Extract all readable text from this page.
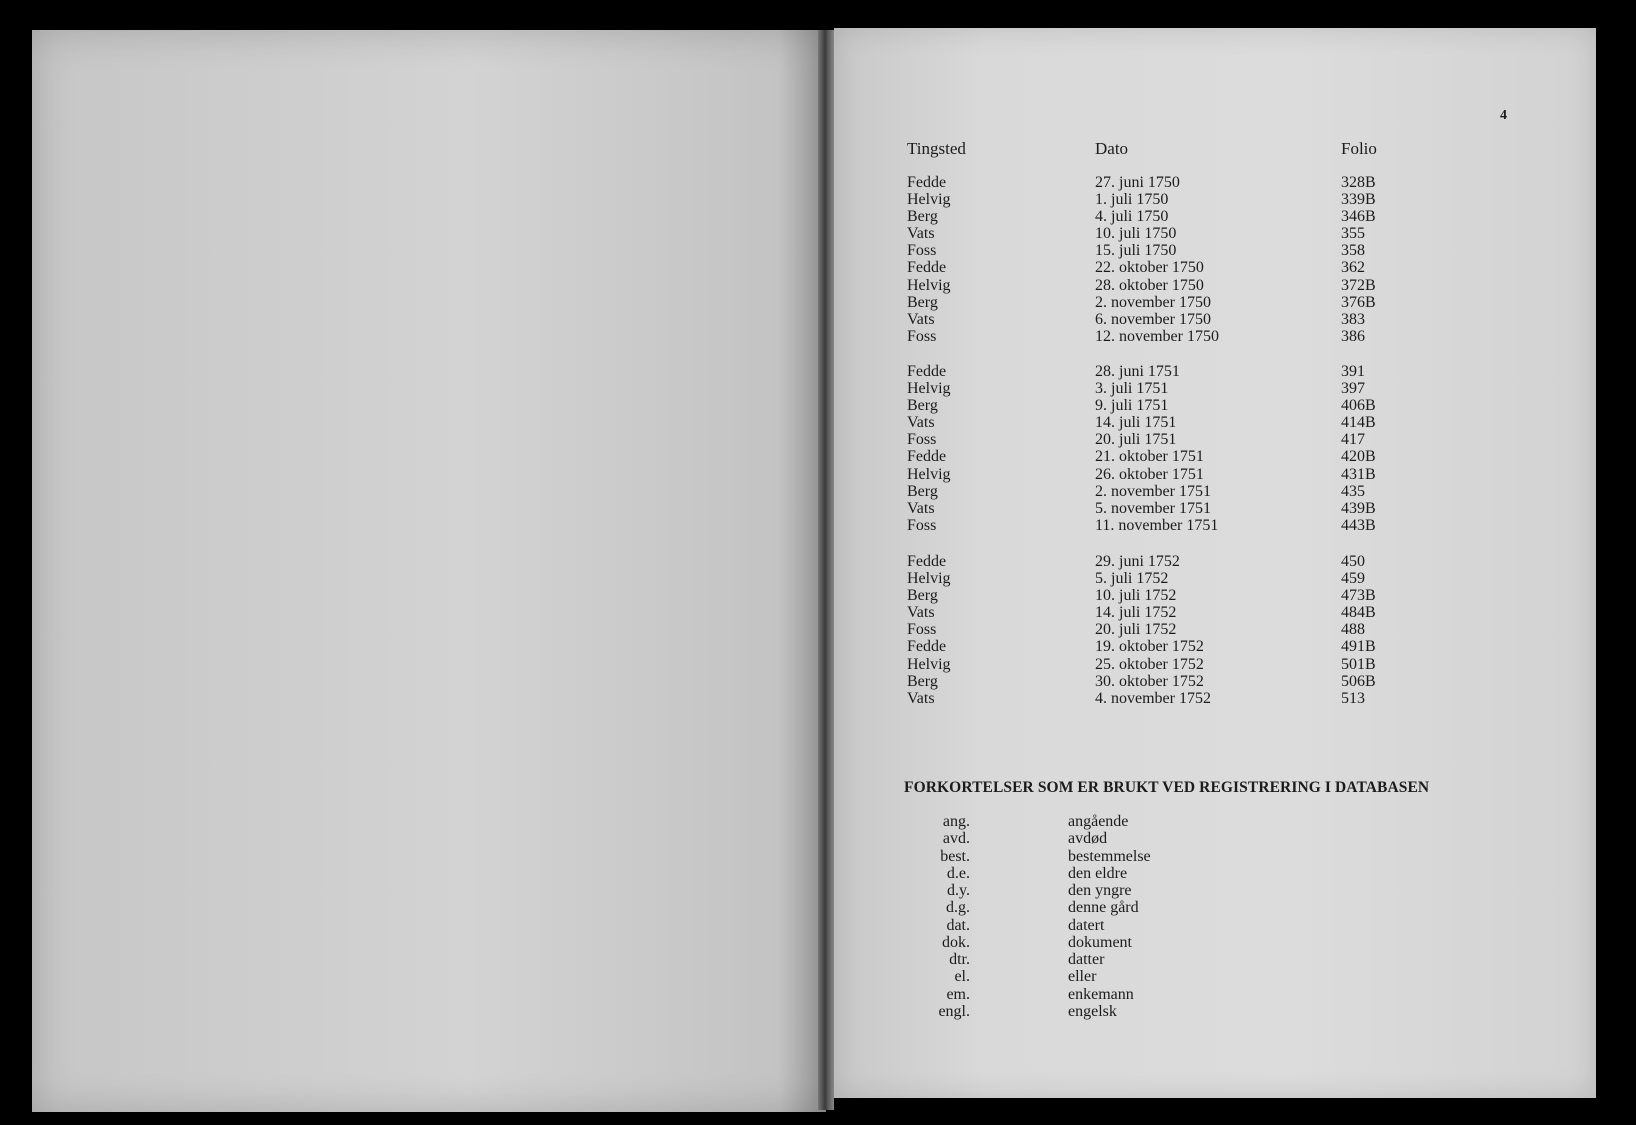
4
Tingsted	Dato	Folio
Fedde	27. juni 1750	328B
Helvig	1. juli 1750	339B
Berg	4. juli 1750	346B
Vats	10. juli 1750	355
Foss	15. juli 1750	358
Fedde	22. oktober 1750	362
Helvig	28. oktober 1750	372B
Berg	2. november 1750	376B
Vats	6. november 1750	383
Foss	12. november 1750	386
Fedde	28. juni 1751	391
Helvig	3. juli 1751	397
Berg	9. juli 1751	406B
Vats	14. juli 1751	414B
Foss	20. juli 1751	417
Fedde	21. oktober 1751	420B
Helvig	26. oktober 1751	431B
Berg	2. november 1751	435
Vats	5. november 1751	439B
Foss	11. november 1751	443B
Fedde	29. juni 1752	450
Helvig	5. juli 1752	459
Berg	10. juli 1752	473B
Vats	14. juli 1752	484B
Foss	20. juli 1752	488
Fedde	19. oktober 1752	491B
Helvig	25. oktober 1752	501B
Berg	30. oktober 1752	506B
Vats	4. november 1752	513
FORKORTELSER SOM ER BRUKT VED REGISTRERING I DATABASEN
ang.	angående
avd.	avdød
best.	bestemmelse
d.e.	den eldre
d.y.	den yngre
d.g.	denne gård
dat.	datert
dok.	dokument
dtr.	datter
el.	eller
em.	enkemann
engl.	engelsk
